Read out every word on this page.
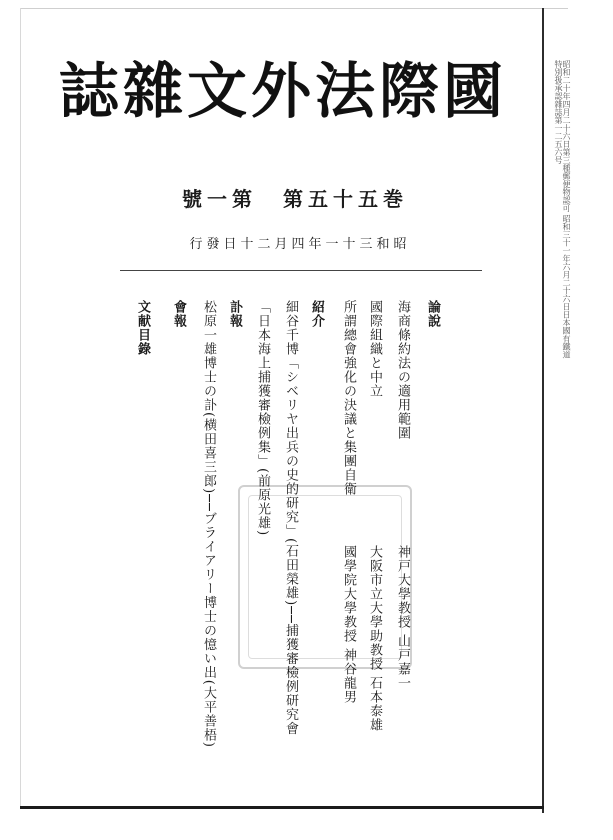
昭和二十年四月二十六日第三種郵便物認可 昭和三十一年六月二十六日日本國有鐵道特別扱承認雜誌第一二五六号
誌雜文外法際國
號一第 第五十五巻
行發日十二月四年一十三和昭
論說
海商條約法の適用範圍
神戸大學教授 山戸嘉一
國際組織と中立
大阪市立大學助教授 石本泰雄
所謂總會強化の決議と集團自衛
國學院大學教授 神谷龍男
紹介
細谷千博「シベリヤ出兵の史的研究」(石田榮雄)──捕獲審檢例研究會
「日本海上捕獲審檢例集」(前原光雄)
訃報
松原一雄博士の訃(横田喜三郎)──ブライアリー博士の憶い出(大平善梧)
會報
文献目錄
